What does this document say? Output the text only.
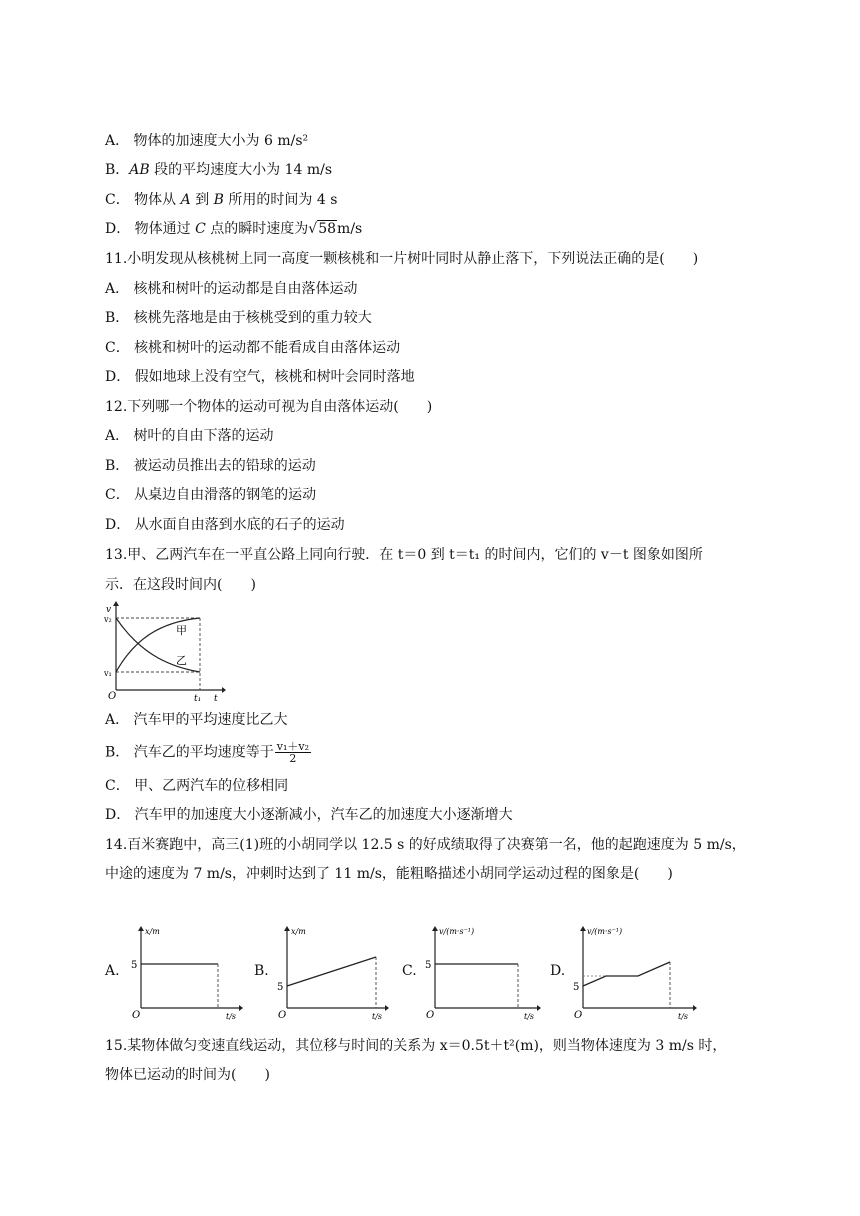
A． 物体的加速度大小为 6 m/s²
B．AB 段的平均速度大小为 14 m/s
C． 物体从 A 到 B 所用的时间为 4 s
D． 物体通过 C 点的瞬时速度为√58m/s
11.小明发现从核桃树上同一高度一颗核桃和一片树叶同时从静止落下，下列说法正确的是(　　)
A． 核桃和树叶的运动都是自由落体运动
B． 核桃先落地是由于核桃受到的重力较大
C． 核桃和树叶的运动都不能看成自由落体运动
D． 假如地球上没有空气，核桃和树叶会同时落地
12.下列哪一个物体的运动可视为自由落体运动(　　)
A． 树叶的自由下落的运动
B． 被运动员推出去的铅球的运动
C． 从桌边自由滑落的钢笔的运动
D． 从水面自由落到水底的石子的运动
13.甲、乙两汽车在一平直公路上同向行驶．在 t＝0 到 t＝t₁ 的时间内，它们的 v－t 图象如图所
示．在这段时间内(　　)
v
v₂
v₁
O	t₁ t
甲
乙
A． 汽车甲的平均速度比乙大
B． 汽车乙的平均速度等于 $\frac{\text{v₁＋v₂}}{2}$
C． 甲、乙两汽车的位移相同
D． 汽车甲的加速度大小逐渐减小，汽车乙的加速度大小逐渐增大
14.百米赛跑中，高三(1)班的小胡同学以 12.5 s 的好成绩取得了决赛第一名，他的起跑速度为 5 m/s，
中途的速度为 7 m/s，冲刺时达到了 11 m/s，能粗略描述小胡同学运动过程的图象是(　　)
A.
x/m
5
O	t/s
B.
x/m
5
O	t/s
C.
v/(m·s⁻¹)
5
O	t/s
D.
v/(m·s⁻¹)
5
O	t/s
15.某物体做匀变速直线运动，其位移与时间的关系为 x＝0.5t＋t²(m)，则当物体速度为 3 m/s 时，
物体已运动的时间为(　　)
